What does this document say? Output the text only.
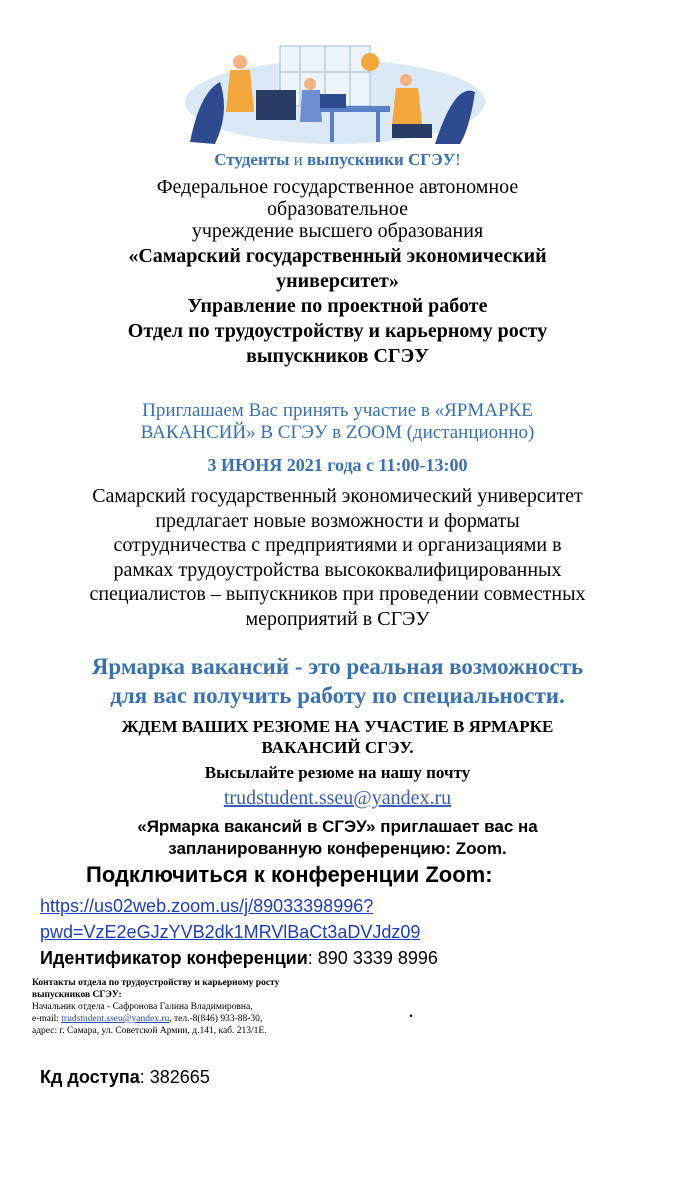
Студенты и выпускники СГЭУ!
Федеральное государственное автономное
образовательное
учреждение высшего образования
«Самарский государственный экономический
университет»
Управление по проектной работе
Отдел по трудоустройству и карьерному росту
выпускников СГЭУ
Приглашаем Вас принять участие в «ЯРМАРКЕ
ВАКАНСИЙ» В СГЭУ в ZOOM (дистанционно)
3 ИЮНЯ 2021 года с 11:00-13:00
Самарский государственный экономический университет
предлагает новые возможности и форматы
сотрудничества с предприятиями и организациями в
рамках трудоустройства высококвалифицированных
специалистов – выпускников при проведении совместных
мероприятий в СГЭУ
Ярмарка вакансий - это реальная возможность
для вас получить работу по специальности.
ЖДЕМ ВАШИХ РЕЗЮМЕ НА УЧАСТИЕ В ЯРМАРКЕ
ВАКАНСИЙ СГЭУ.
Высылайте резюме на нашу почту
trudstudent.sseu@yandex.ru
«Ярмарка вакансий в СГЭУ» приглашает вас на
запланированную конференцию: Zoom.
Подключиться к конференции Zoom:
https://us02web.zoom.us/j/89033398996?
pwd=VzE2eGJzYVB2dk1MRVlBaCt3aDVJdz09
Идентификатор конференции: 890 3339 8996
Контакты отдела по трудоустройству и карьерному росту
выпускников СГЭУ:
Начальник отдела - Сафронова Галина Владимировна,
e-mail: trudstudent.sseu@yandex.ru, тел.-8(846) 933-88-30,
адрес: г. Самара, ул. Советской Армии, д.141, каб. 213/1Е.
.
Кд доступа: 382665
